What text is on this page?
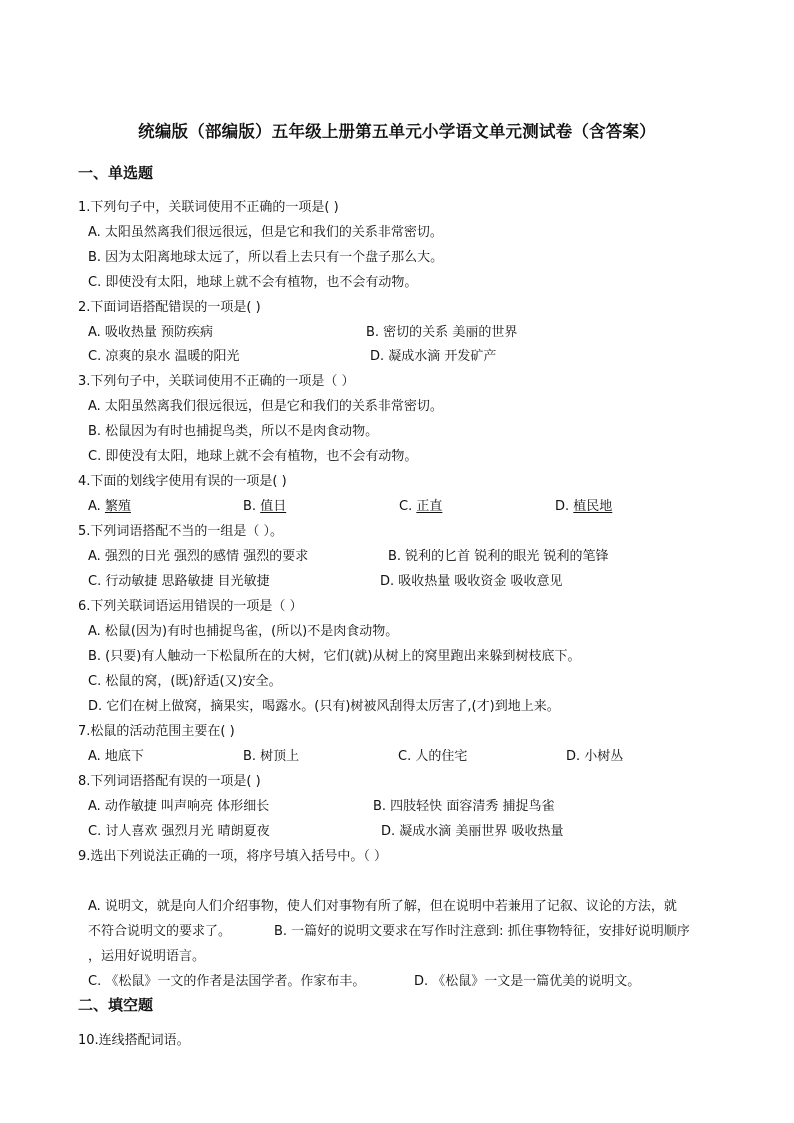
统编版（部编版）五年级上册第五单元小学语文单元测试卷（含答案）
一、单选题
1.下列句子中，关联词使用不正确的一项是( )
A. 太阳虽然离我们很远很远，但是它和我们的关系非常密切。
B. 因为太阳离地球太远了，所以看上去只有一个盘子那么大。
C. 即使没有太阳，地球上就不会有植物，也不会有动物。
2.下面词语搭配错误的一项是( )
A. 吸收热量 预防疾病	B. 密切的关系 美丽的世界
C. 凉爽的泉水 温暖的阳光	D. 凝成水滴 开发矿产
3.下列句子中，关联词使用不正确的一项是（ ）
A. 太阳虽然离我们很远很远，但是它和我们的关系非常密切。
B. 松鼠因为有时也捕捉鸟类，所以不是肉食动物。
C. 即使没有太阳，地球上就不会有植物，也不会有动物。
4.下面的划线字使用有误的一项是( )
A. 繁殖	B. 值日	C. 正直	D. 植民地
5.下列词语搭配不当的一组是（ ）。
A. 强烈的日光 强烈的感情 强烈的要求	B. 锐利的匕首 锐利的眼光 锐利的笔锋
C. 行动敏捷 思路敏捷 目光敏捷	D. 吸收热量 吸收资金 吸收意见
6.下列关联词语运用错误的一项是（ ）
A. 松鼠(因为)有时也捕捉鸟雀，(所以)不是肉食动物。
B. (只要)有人触动一下松鼠所在的大树，它们(就)从树上的窝里跑出来躲到树枝底下。
C. 松鼠的窝，(既)舒适(又)安全。
D. 它们在树上做窝，摘果实，喝露水。(只有)树被风刮得太厉害了,(才)到地上来。
7.松鼠的活动范围主要在( )
A. 地底下	B. 树顶上	C. 人的住宅	D. 小树丛
8.下列词语搭配有误的一项是( )
A. 动作敏捷 叫声响亮 体形细长	B. 四肢轻快 面容清秀 捕捉鸟雀
C. 讨人喜欢 强烈月光 晴朗夏夜	D. 凝成水滴 美丽世界 吸收热量
9.选出下列说法正确的一项，将序号填入括号中。（ ）
A. 说明文，就是向人们介绍事物，使人们对事物有所了解，但在说明中若兼用了记叙、议论的方法，就
不符合说明文的要求了。	B. 一篇好的说明文要求在写作时注意到: 抓住事物特征，安排好说明顺序
，运用好说明语言。
C. 《松鼠》一文的作者是法国学者。作家布丰。	D. 《松鼠》一文是一篇优美的说明文。
二、填空题
10.连线搭配词语。
